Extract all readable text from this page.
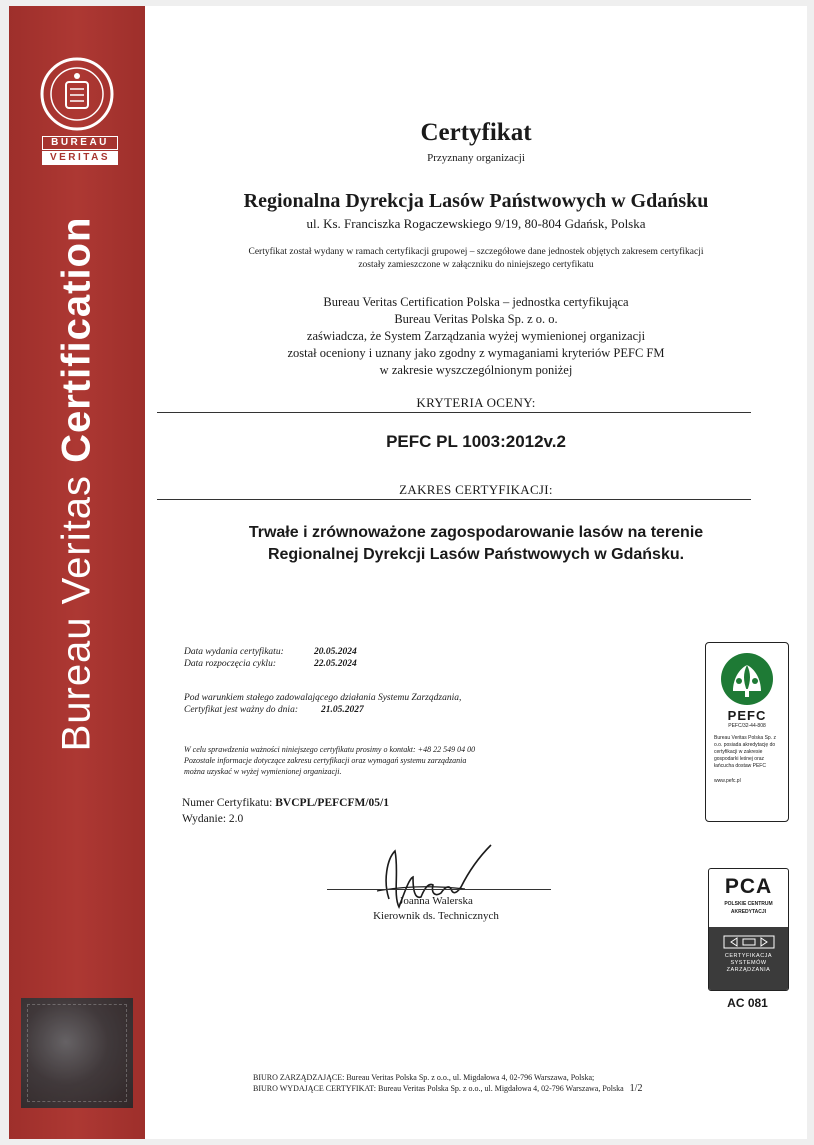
BUREAU
VERITAS
Bureau Veritas Certification
Certyfikat
Przyznany organizacji
Regionalna Dyrekcja Lasów Państwowych w Gdańsku
ul. Ks. Franciszka Rogaczewskiego 9/19, 80-804 Gdańsk, Polska
Certyfikat został wydany w ramach certyfikacji grupowej – szczegółowe dane jednostek objętych zakresem certyfikacji
zostały zamieszczone w załączniku do niniejszego certyfikatu
Bureau Veritas Certification Polska – jednostka certyfikująca
Bureau Veritas Polska Sp. z o. o.
zaświadcza, że System Zarządzania wyżej wymienionej organizacji
został oceniony i uznany jako zgodny z wymaganiami kryteriów PEFC FM
w zakresie wyszczególnionym poniżej
KRYTERIA OCENY:
PEFC PL 1003:2012v.2
ZAKRES CERTYFIKACJI:
Trwałe i zrównoważone zagospodarowanie lasów na terenie
Regionalnej Dyrekcji Lasów Państwowych w Gdańsku.
Data wydania certyfikatu:	20.05.2024
Data rozpoczęcia cyklu:	22.05.2024
Pod warunkiem stałego zadowalającego działania Systemu Zarządzania,
Certyfikat jest ważny do dnia: 21.05.2027
W celu sprawdzenia ważności niniejszego certyfikatu prosimy o kontakt: +48 22 549 04 00
Pozostałe informacje dotyczące zakresu certyfikacji oraz wymagań systemu zarządzania
można uzyskać w wyżej wymienionej organizacji.
Numer Certyfikatu: BVCPL/PEFCFM/05/1
Wydanie: 2.0
Joanna Walerska
Kierownik ds. Technicznych
PEFC
PEFC/32-44-808
Bureau Veritas Polska Sp. z o.o. posiada akredytację do certyfikacji w zakresie gospodarki leśnej oraz łańcucha dostaw PEFC
www.pefc.pl
PCA
POLSKIE CENTRUM
AKREDYTACJI
CERTYFIKACJA
SYSTEMÓW
ZARZĄDZANIA
AC 081
BIURO ZARZĄDZAJĄCE: Bureau Veritas Polska Sp. z o.o., ul. Migdałowa 4, 02-796 Warszawa, Polska;
BIURO WYDAJĄCE CERTYFIKAT: Bureau Veritas Polska Sp. z o.o., ul. Migdałowa 4, 02-796 Warszawa, Polska 1/2
